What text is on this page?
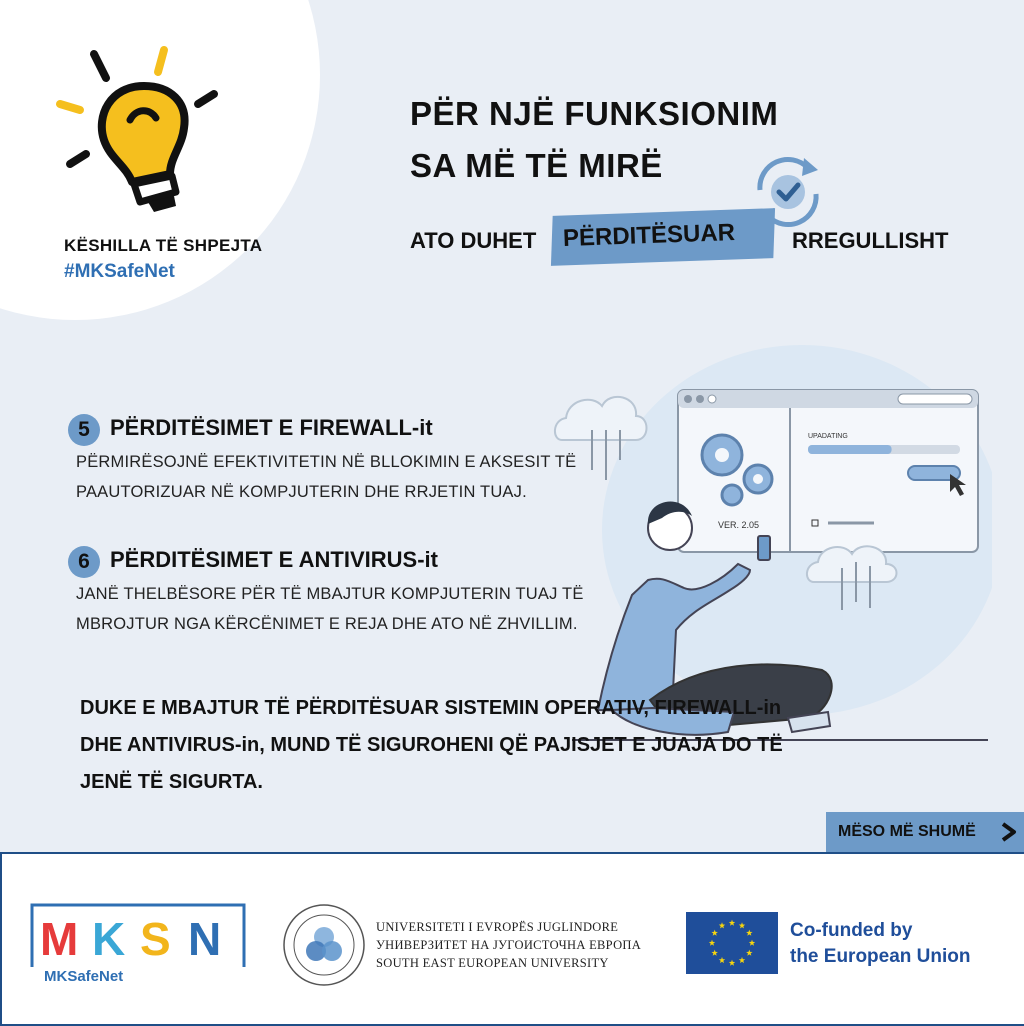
KËSHILLA TË SHPEJTA
#MKSafeNet
PËR NJË FUNKSIONIM
SA MË TË MIRË
ATO DUHET PËRDITËSUAR	RREGULLISHT
VER. 2.05
UPADATING
5 PËRDITËSIMET E FIREWALL-it
PËRMIRËSOJNË EFEKTIVITETIN NË BLLOKIMIN E AKSESIT TË
PAAUTORIZUAR NË KOMPJUTERIN DHE RRJETIN TUAJ.
6 PËRDITËSIMET E ANTIVIRUS-it
JANË THELBËSORE PËR TË MBAJTUR KOMPJUTERIN TUAJ TË
MBROJTUR NGA KËRCËNIMET E REJA DHE ATO NË ZHVILLIM.
DUKE E MBAJTUR TË PËRDITËSUAR SISTEMIN OPERATIV, FIREWALL-in
DHE ANTIVIRUS-in, MUND TË SIGUROHENI QË PAJISJET E JUAJA DO TË
JENË TË SIGURTA.
MËSO MË SHUMË
M K S N
MKSafeNet
UNIVERSITETI I EVROPËS JUGLINDORE
УНИВЕРЗИТЕТ НА ЈУГОИСТОЧНА ЕВРОПА
SOUTH EAST EUROPEAN UNIVERSITY
Co-funded by
the European Union
